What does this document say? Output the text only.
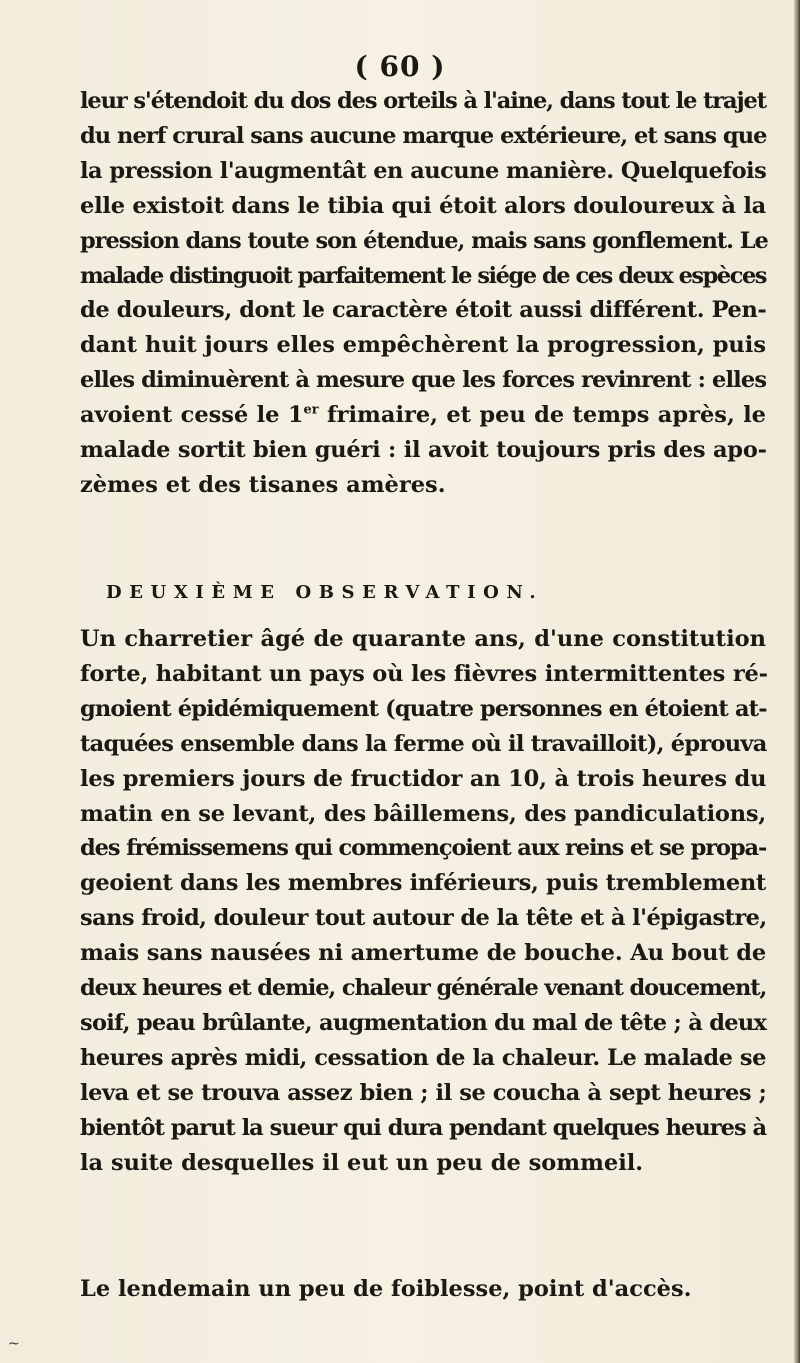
( 60 )
leur s'étendoit du dos des orteils à l'aine, dans tout le trajet
du nerf crural sans aucune marque extérieure, et sans que
la pression l'augmentât en aucune manière. Quelquefois
elle existoit dans le tibia qui étoit alors douloureux à la
pression dans toute son étendue, mais sans gonflement. Le
malade distinguoit parfaitement le siége de ces deux espèces
de douleurs, dont le caractère étoit aussi différent. Pen-
dant huit jours elles empêchèrent la progression, puis
elles diminuèrent à mesure que les forces revinrent : elles
avoient cessé le 1er frimaire, et peu de temps après, le
malade sortit bien guéri : il avoit toujours pris des apo-
zèmes et des tisanes amères.
DEUXIÈME OBSERVATION.
Un charretier âgé de quarante ans, d'une constitution
forte, habitant un pays où les fièvres intermittentes ré-
gnoient épidémiquement (quatre personnes en étoient at-
taquées ensemble dans la ferme où il travailloit), éprouva
les premiers jours de fructidor an 10, à trois heures du
matin en se levant, des bâillemens, des pandiculations,
des frémissemens qui commençoient aux reins et se propa-
geoient dans les membres inférieurs, puis tremblement
sans froid, douleur tout autour de la tête et à l'épigastre,
mais sans nausées ni amertume de bouche. Au bout de
deux heures et demie, chaleur générale venant doucement,
soif, peau brûlante, augmentation du mal de tête ; à deux
heures après midi, cessation de la chaleur. Le malade se
leva et se trouva assez bien ; il se coucha à sept heures ;
bientôt parut la sueur qui dura pendant quelques heures à
la suite desquelles il eut un peu de sommeil.
Le lendemain un peu de foiblesse, point d'accès.
~
